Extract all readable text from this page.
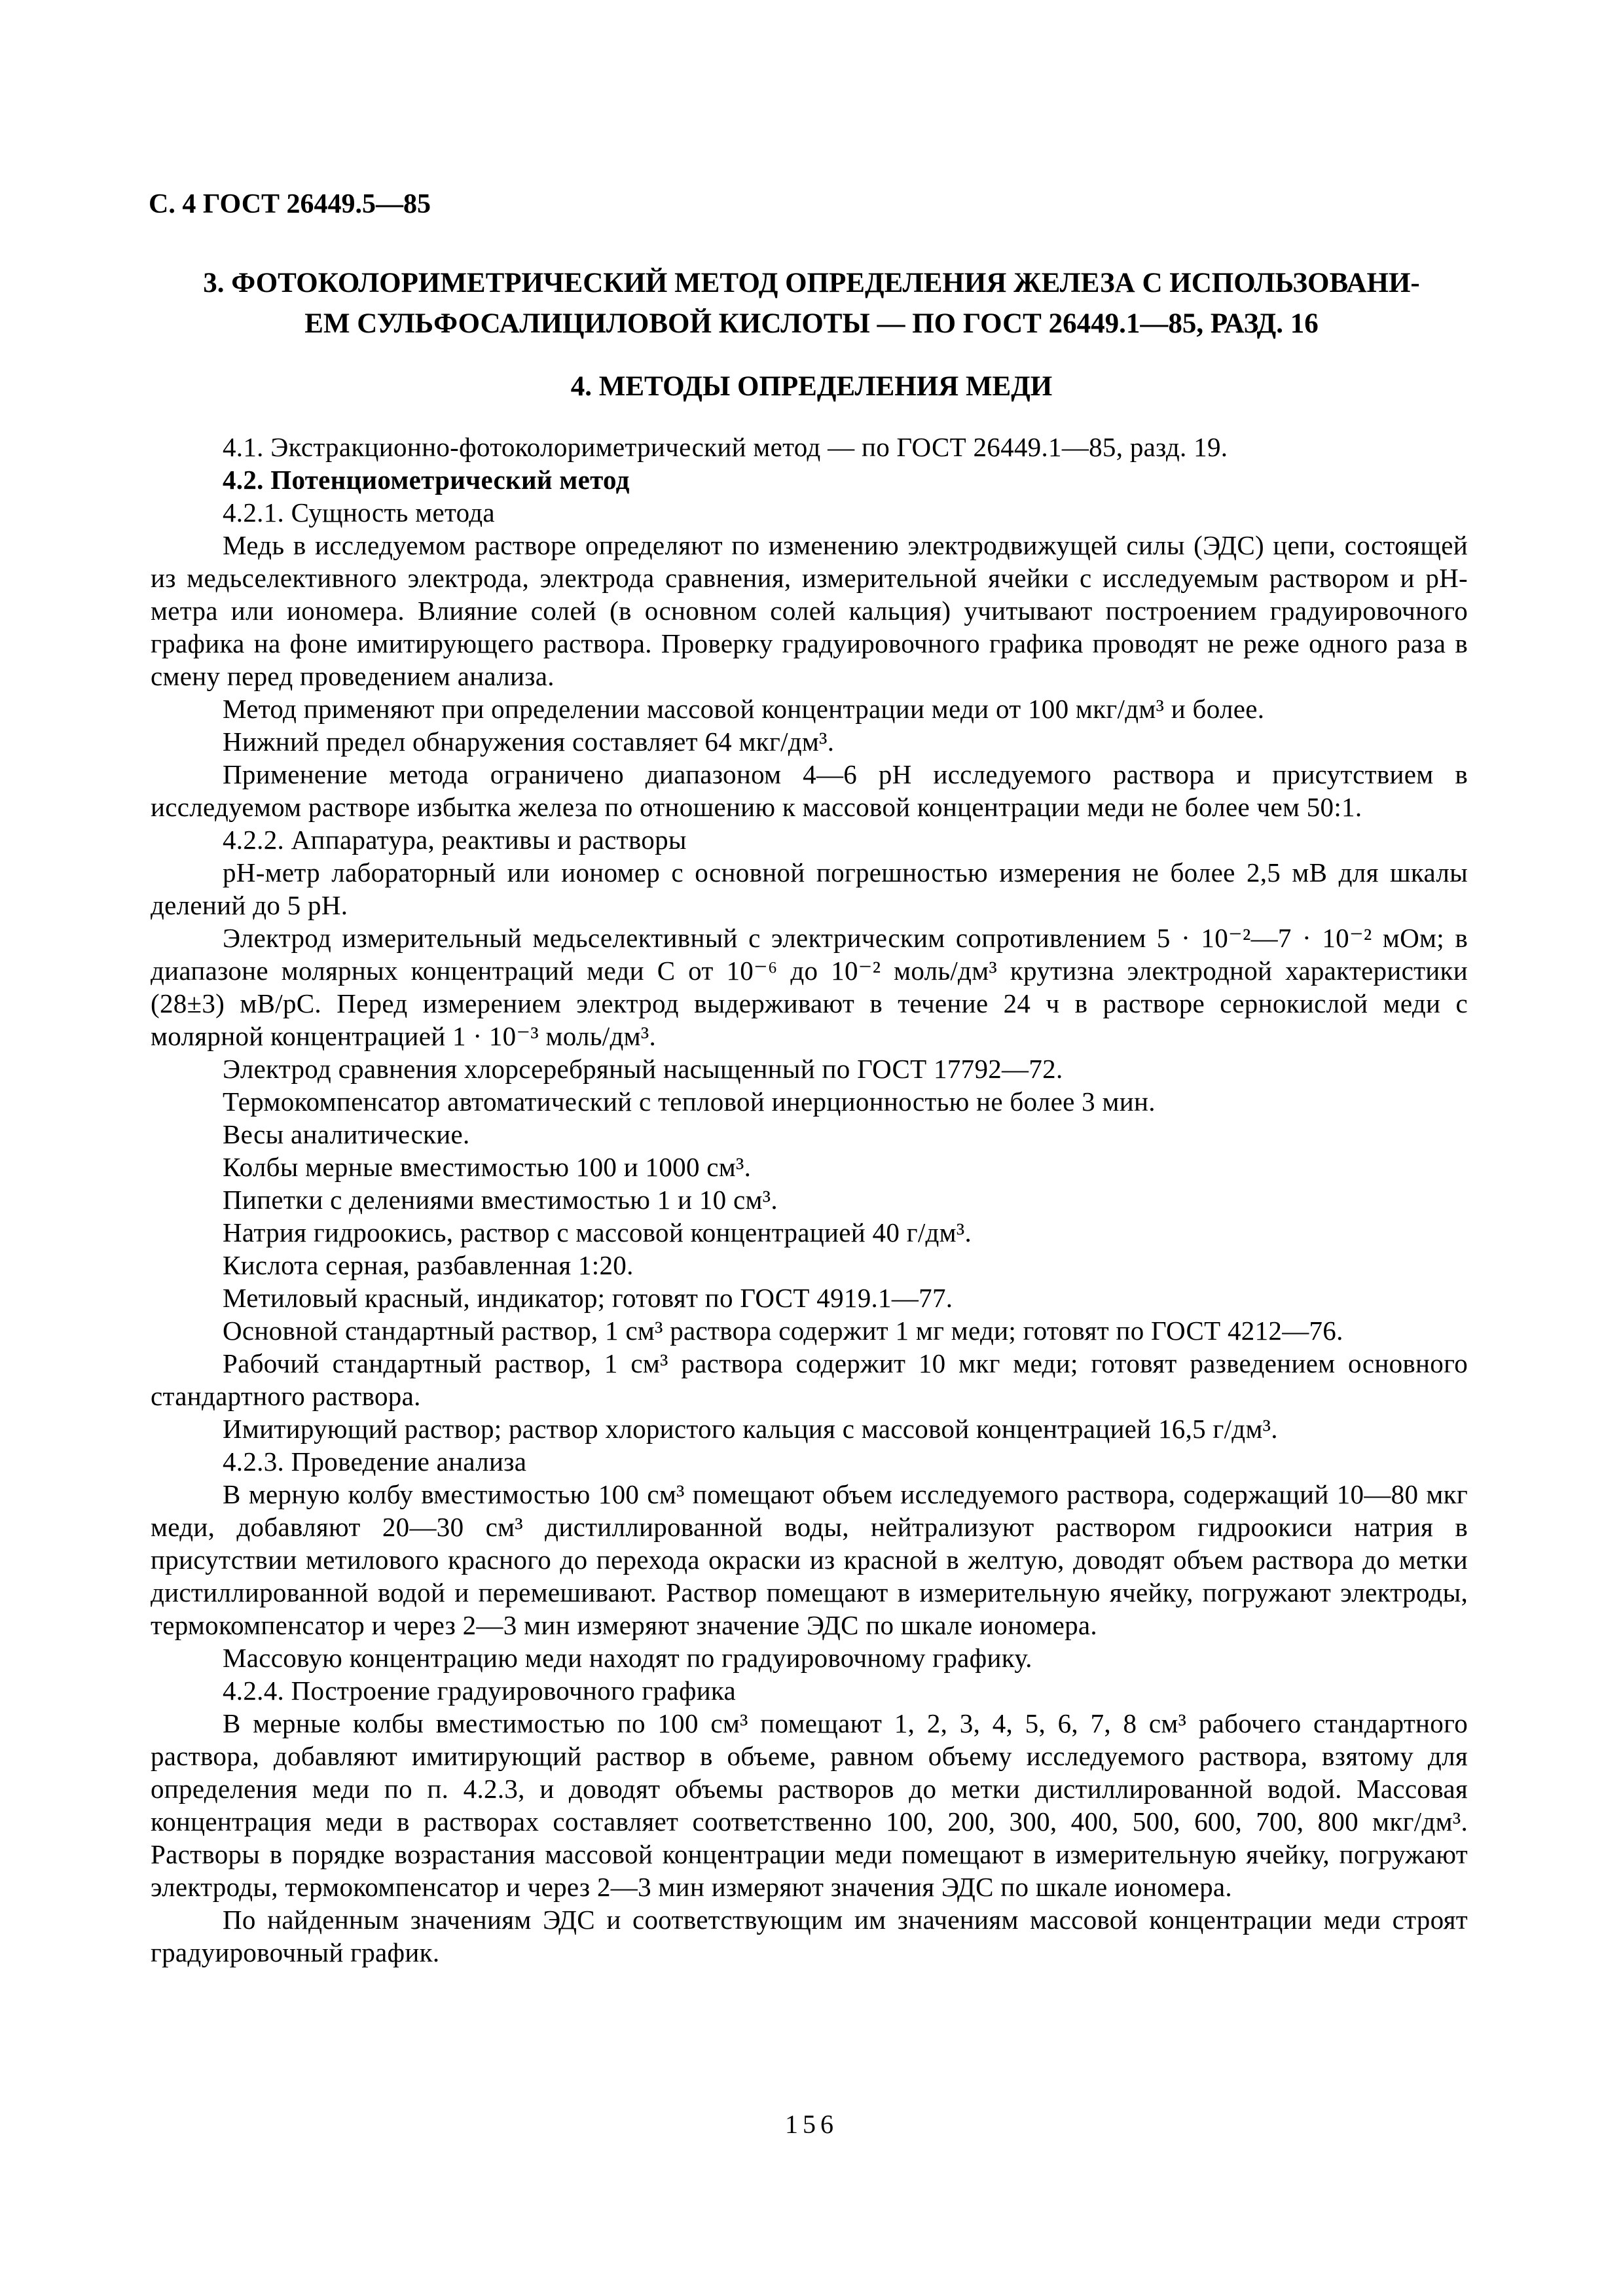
С. 4 ГОСТ 26449.5—85
3. ФОТОКОЛОРИМЕТРИЧЕСКИЙ МЕТОД ОПРЕДЕЛЕНИЯ ЖЕЛЕЗА С ИСПОЛЬЗОВАНИ-
ЕМ СУЛЬФОСАЛИЦИЛОВОЙ КИСЛОТЫ — ПО ГОСТ 26449.1—85, РАЗД. 16
4. МЕТОДЫ ОПРЕДЕЛЕНИЯ МЕДИ

4.1. Экстракционно-фотоколориметрический метод — по ГОСТ 26449.1—85, разд. 19.

4.2. Потенциометрический метод

4.2.1. Сущность метода

Медь в исследуемом растворе определяют по изменению электродвижущей силы (ЭДС) цепи, состоящей из медьселективного электрода, электрода сравнения, измерительной ячейки с исследуемым раствором и рН-метра или иономера. Влияние солей (в основном солей кальция) учитывают построением градуировочного графика на фоне имитирующего раствора. Проверку градуировочного графика проводят не реже одного раза в смену перед проведением анализа.

Метод применяют при определении массовой концентрации меди от 100 мкг/дм³ и более.

Нижний предел обнаружения составляет 64 мкг/дм³.

Применение метода ограничено диапазоном 4—6 рН исследуемого раствора и присутствием в исследуемом растворе избытка железа по отношению к массовой концентрации меди не более чем 50:1.

4.2.2. Аппаратура, реактивы и растворы

рН-метр лабораторный или иономер с основной погрешностью измерения не более 2,5 мВ для шкалы делений до 5 рН.

Электрод измерительный медьселективный с электрическим сопротивлением 5 · 10⁻²—7 · 10⁻² мОм; в диапазоне молярных концентраций меди С от 10⁻⁶ до 10⁻² моль/дм³ крутизна электродной характеристики (28±3) мВ/рС. Перед измерением электрод выдерживают в течение 24 ч в растворе сернокислой меди с молярной концентрацией 1 · 10⁻³ моль/дм³.

Электрод сравнения хлорсеребряный насыщенный по ГОСТ 17792—72.

Термокомпенсатор автоматический с тепловой инерционностью не более 3 мин.

Весы аналитические.

Колбы мерные вместимостью 100 и 1000 см³.

Пипетки с делениями вместимостью 1 и 10 см³.

Натрия гидроокись, раствор с массовой концентрацией 40 г/дм³.

Кислота серная, разбавленная 1:20.

Метиловый красный, индикатор; готовят по ГОСТ 4919.1—77.

Основной стандартный раствор, 1 см³ раствора содержит 1 мг меди; готовят по ГОСТ 4212—76.

Рабочий стандартный раствор, 1 см³ раствора содержит 10 мкг меди; готовят разведением основного стандартного раствора.

Имитирующий раствор; раствор хлористого кальция с массовой концентрацией 16,5 г/дм³.

4.2.3. Проведение анализа

В мерную колбу вместимостью 100 см³ помещают объем исследуемого раствора, содержащий 10—80 мкг меди, добавляют 20—30 см³ дистиллированной воды, нейтрализуют раствором гидроокиси натрия в присутствии метилового красного до перехода окраски из красной в желтую, доводят объем раствора до метки дистиллированной водой и перемешивают. Раствор помещают в измерительную ячейку, погружают электроды, термокомпенсатор и через 2—3 мин измеряют значение ЭДС по шкале иономера.

Массовую концентрацию меди находят по градуировочному графику.

4.2.4. Построение градуировочного графика

В мерные колбы вместимостью по 100 см³ помещают 1, 2, 3, 4, 5, 6, 7, 8 см³ рабочего стандартного раствора, добавляют имитирующий раствор в объеме, равном объему исследуемого раствора, взятому для определения меди по п. 4.2.3, и доводят объемы растворов до метки дистиллированной водой. Массовая концентрация меди в растворах составляет соответственно 100, 200, 300, 400, 500, 600, 700, 800 мкг/дм³. Растворы в порядке возрастания массовой концентрации меди помещают в измерительную ячейку, погружают электроды, термокомпенсатор и через 2—3 мин измеряют значения ЭДС по шкале иономера.

По найденным значениям ЭДС и соответствующим им значениям массовой концентрации меди строят градуировочный график.

156
